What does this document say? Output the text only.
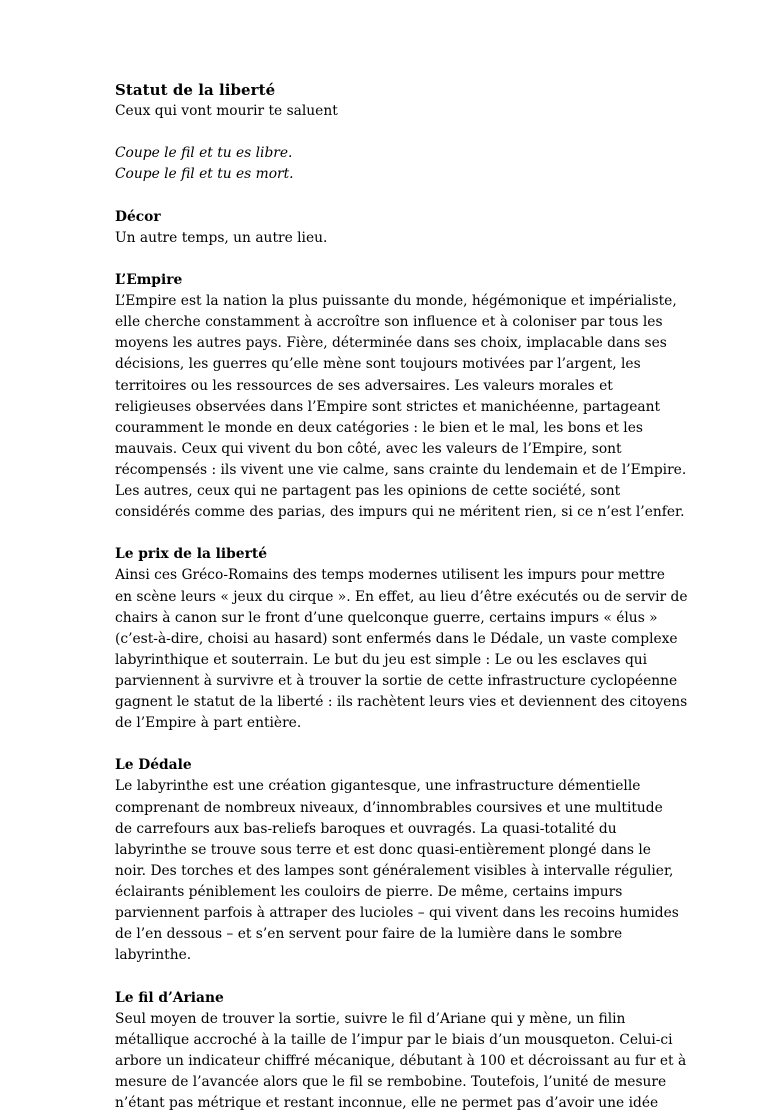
Statut de la liberté

Ceux qui vont mourir te saluent

Coupe le fil et tu es libre.

Coupe le fil et tu es mort.

Décor

Un autre temps, un autre lieu.

L’Empire

L’Empire est la nation la plus puissante du monde, hégémonique et impérialiste,
elle cherche constamment à accroître son influence et à coloniser par tous les
moyens les autres pays. Fière, déterminée dans ses choix, implacable dans ses
décisions, les guerres qu’elle mène sont toujours motivées par l’argent, les
territoires ou les ressources de ses adversaires. Les valeurs morales et
religieuses observées dans l’Empire sont strictes et manichéenne, partageant
couramment le monde en deux catégories : le bien et le mal, les bons et les
mauvais. Ceux qui vivent du bon côté, avec les valeurs de l’Empire, sont
récompensés : ils vivent une vie calme, sans crainte du lendemain et de l’Empire.
Les autres, ceux qui ne partagent pas les opinions de cette société, sont
considérés comme des parias, des impurs qui ne méritent rien, si ce n’est l’enfer.

Le prix de la liberté

Ainsi ces Gréco-Romains des temps modernes utilisent les impurs pour mettre
en scène leurs « jeux du cirque ». En effet, au lieu d’être exécutés ou de servir de
chairs à canon sur le front d’une quelconque guerre, certains impurs « élus »
(c’est-à-dire, choisi au hasard) sont enfermés dans le Dédale, un vaste complexe
labyrinthique et souterrain. Le but du jeu est simple : Le ou les esclaves qui
parviennent à survivre et à trouver la sortie de cette infrastructure cyclopéenne
gagnent le statut de la liberté : ils rachètent leurs vies et deviennent des citoyens
de l’Empire à part entière.

Le Dédale

Le labyrinthe est une création gigantesque, une infrastructure démentielle
comprenant de nombreux niveaux, d’innombrables coursives et une multitude
de carrefours aux bas-reliefs baroques et ouvragés. La quasi-totalité du
labyrinthe se trouve sous terre et est donc quasi-entièrement plongé dans le
noir. Des torches et des lampes sont généralement visibles à intervalle régulier,
éclairants péniblement les couloirs de pierre. De même, certains impurs
parviennent parfois à attraper des lucioles – qui vivent dans les recoins humides
de l’en dessous – et s’en servent pour faire de la lumière dans le sombre
labyrinthe.

Le fil d’Ariane

Seul moyen de trouver la sortie, suivre le fil d’Ariane qui y mène, un filin
métallique accroché à la taille de l’impur par le biais d’un mousqueton. Celui-ci
arbore un indicateur chiffré mécanique, débutant à 100 et décroissant au fur et à
mesure de l’avancée alors que le fil se rembobine. Toutefois, l’unité de mesure
n’étant pas métrique et restant inconnue, elle ne permet pas d’avoir une idée
